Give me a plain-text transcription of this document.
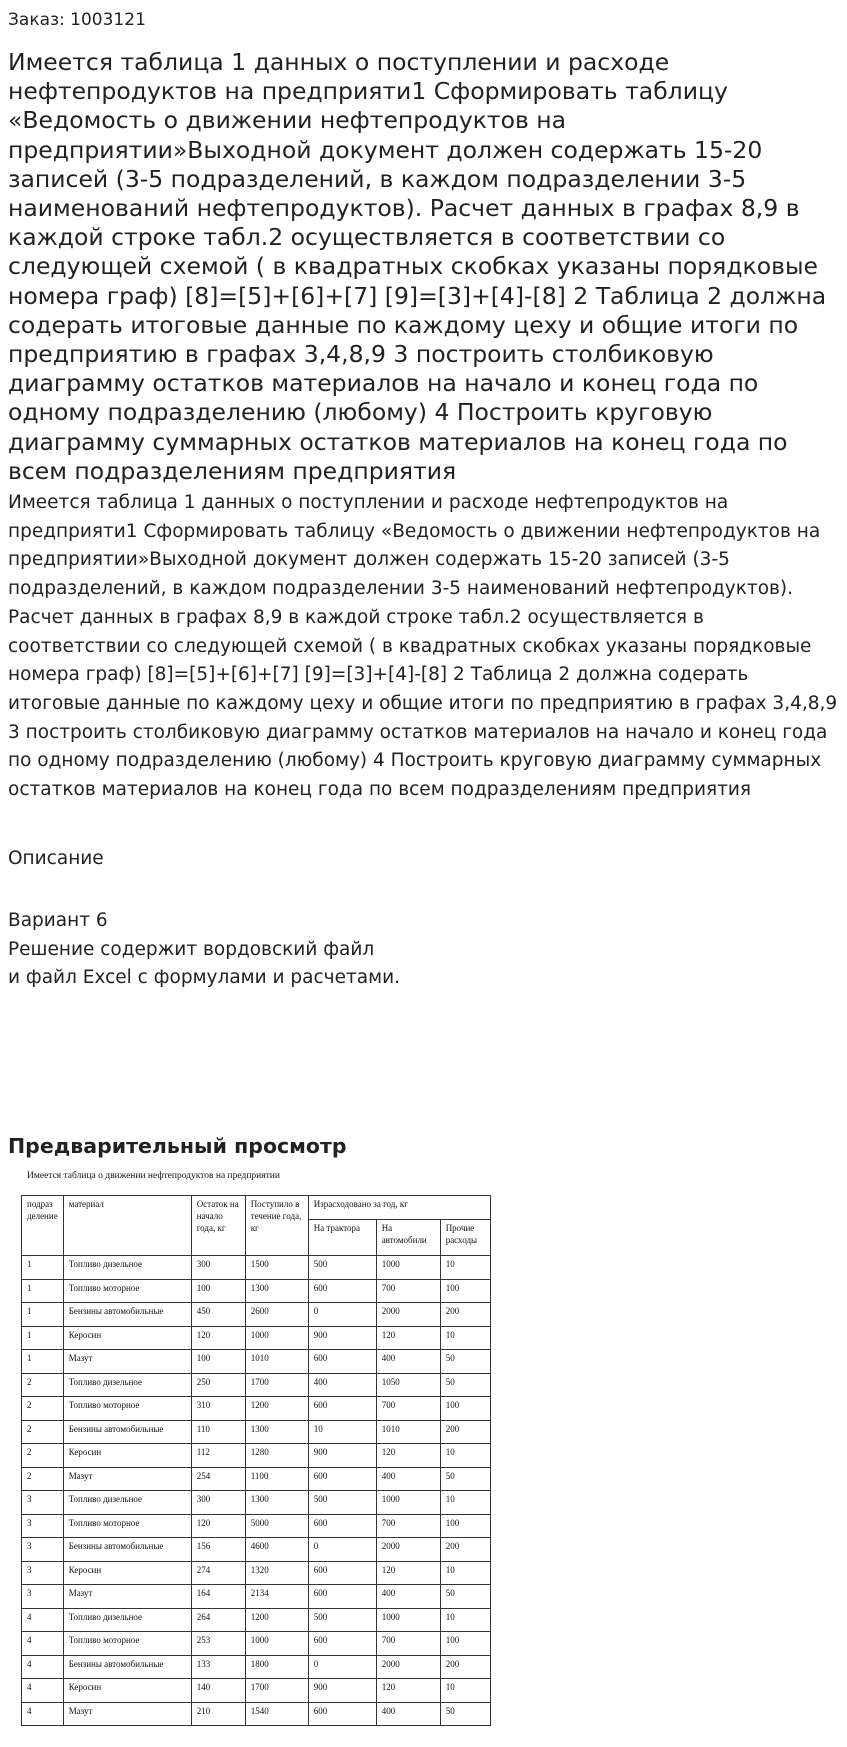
Заказ: 1003121
Имеется таблица 1 данных о поступлении и расходе нефтепродуктов на предприяти1 Сформировать таблицу «Ведомость о движении нефтепродуктов на предприятии»Выходной документ должен содержать 15-20 записей (3-5 подразделений, в каждом подразделении 3-5 наименований нефтепродуктов). Расчет данных в графах 8,9 в каждой строке табл.2 осуществляется в соответствии со следующей схемой ( в квадратных скобках указаны порядковые номера граф) [8]=[5]+[6]+[7] [9]=[3]+[4]-[8] 2 Таблица 2 должна содерать итоговые данные по каждому цеху и общие итоги по предприятию в графах 3,4,8,9 3 построить столбиковую диаграмму остатков материалов на начало и конец года по одному подразделению (любому) 4 Построить круговую диаграмму суммарных остатков материалов на конец года по всем подразделениям предприятия
Имеется таблица 1 данных о поступлении и расходе нефтепродуктов на предприяти1 Сформировать таблицу «Ведомость о движении нефтепродуктов на предприятии»Выходной документ должен содержать 15-20 записей (3-5 подразделений, в каждом подразделении 3-5 наименований нефтепродуктов). Расчет данных в графах 8,9 в каждой строке табл.2 осуществляется в соответствии со следующей схемой ( в квадратных скобках указаны порядковые номера граф) [8]=[5]+[6]+[7] [9]=[3]+[4]-[8] 2 Таблица 2 должна содерать итоговые данные по каждому цеху и общие итоги по предприятию в графах 3,4,8,9 3 построить столбиковую диаграмму остатков материалов на начало и конец года по одному подразделению (любому) 4 Построить круговую диаграмму суммарных остатков материалов на конец года по всем подразделениям предприятия
Описание
Вариант 6
Решение содержит вордовский файл
и файл Excel с формулами и расчетами.
Предварительный просмотр
Имеется таблица о движении нефтепродуктов на предприятии
подраз деление	материал	Остаток на начало года, кг	Поступило в течение года, кг	Израсходовано за год, кг		
				На трактора	На автомобили	Прочие расходы
1	Топливо дизельное	300	1500	500	1000	10
1	Топливо моторное	100	1300	600	700	100
1	Бензины автомобильные	450	2600	0	2000	200
1	Керосин	120	1000	900	120	10
1	Мазут	100	1010	600	400	50
2	Топливо дизельное	250	1700	400	1050	50
2	Топливо моторное	310	1200	600	700	100
2	Бензины автомобильные	110	1300	10	1010	200
2	Керосин	112	1280	900	120	10
2	Мазут	254	1100	600	400	50
3	Топливо дизельное	300	1300	500	1000	10
3	Топливо моторное	120	5000	600	700	100
3	Бензины автомобильные	156	4600	0	2000	200
3	Керосин	274	1320	600	120	10
3	Мазут	164	2134	600	400	50
4	Топливо дизельное	264	1200	500	1000	10
4	Топливо моторное	253	1000	600	700	100
4	Бензины автомобильные	133	1800	0	2000	200
4	Керосин	140	1700	900	120	10
4	Мазут	210	1540	600	400	50
